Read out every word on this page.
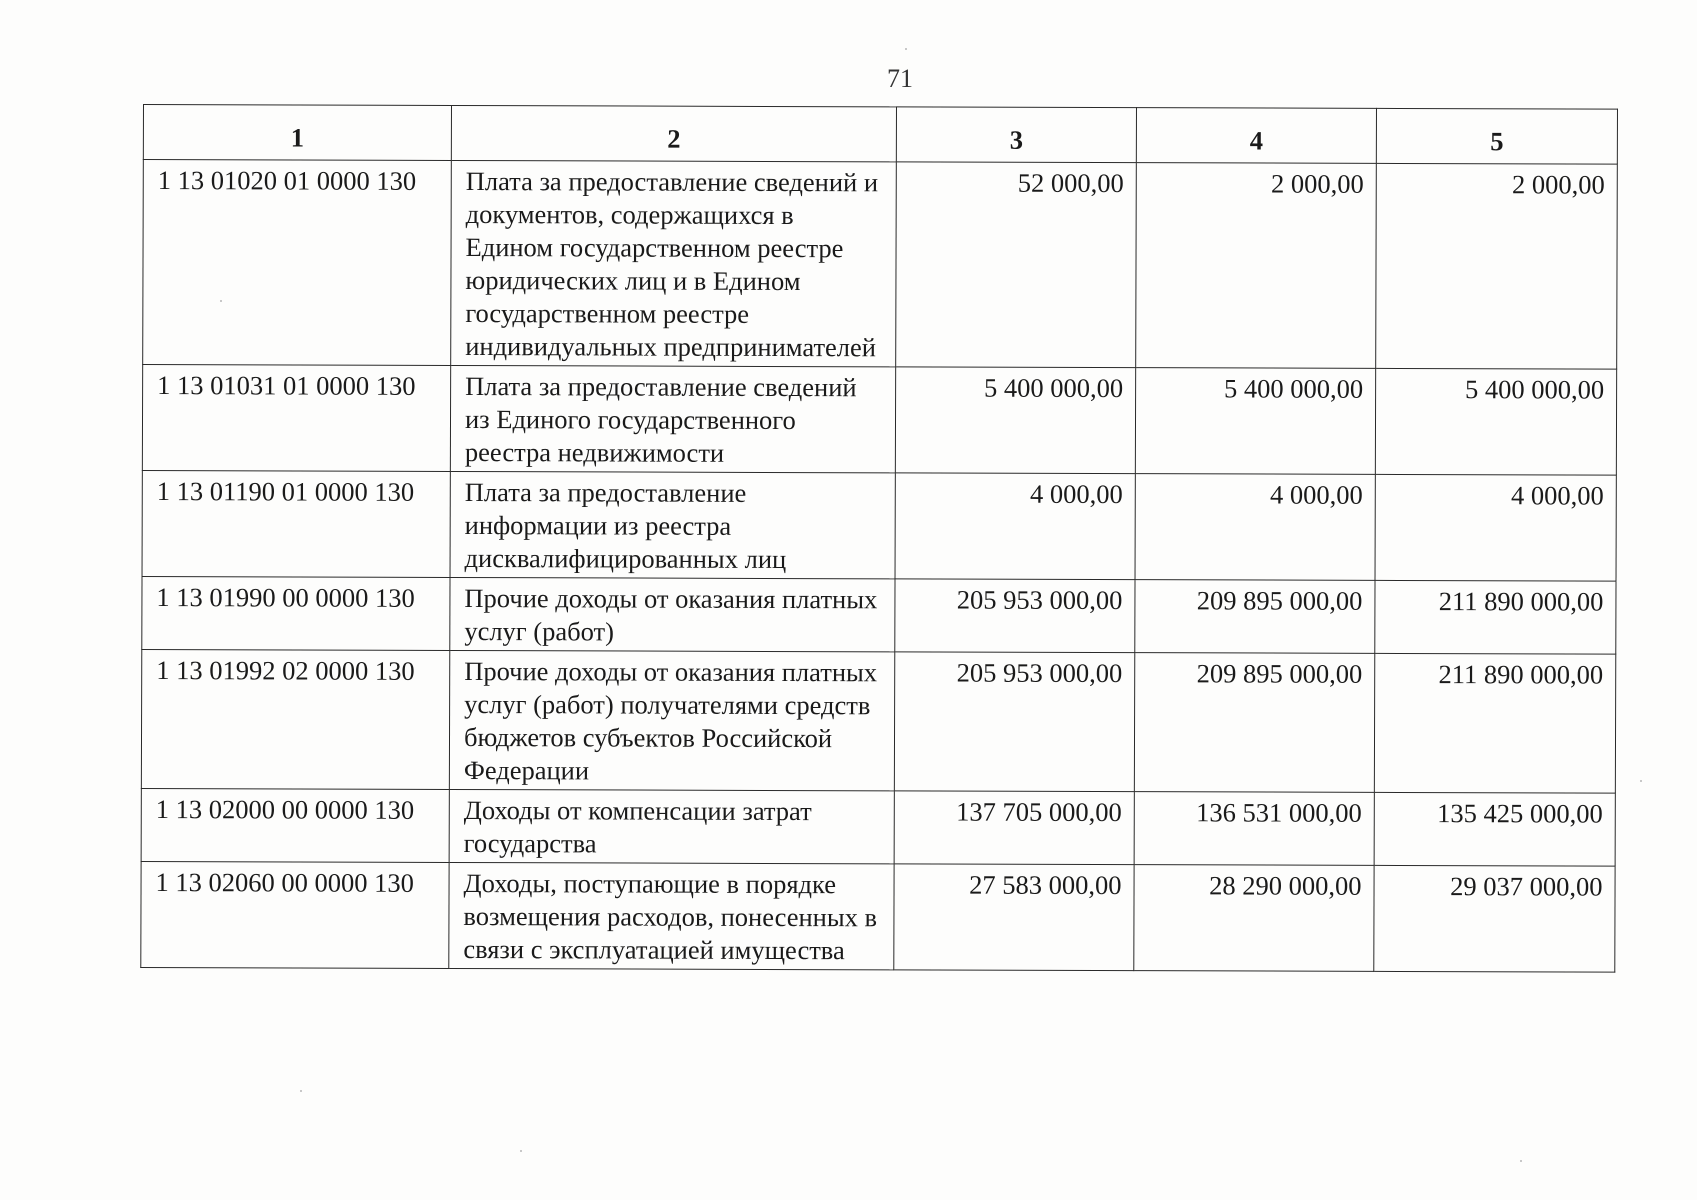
71
1	2	3	4	5
1 13 01020 01 0000 130	Плата за предоставление сведений и документов, содержащихся в Едином государственном реестре юридических лиц и в Едином государственном реестре индивидуальных предпринимателей	52 000,00	2 000,00	2 000,00
1 13 01031 01 0000 130	Плата за предоставление сведений из Единого государственного реестра недвижимости	5 400 000,00	5 400 000,00	5 400 000,00
1 13 01190 01 0000 130	Плата за предоставление информации из реестра дисквалифицированных лиц	4 000,00	4 000,00	4 000,00
1 13 01990 00 0000 130	Прочие доходы от оказания платных услуг (работ)	205 953 000,00	209 895 000,00	211 890 000,00
1 13 01992 02 0000 130	Прочие доходы от оказания платных услуг (работ) получателями средств бюджетов субъектов Российской Федерации	205 953 000,00	209 895 000,00	211 890 000,00
1 13 02000 00 0000 130	Доходы от компенсации затрат государства	137 705 000,00	136 531 000,00	135 425 000,00
1 13 02060 00 0000 130	Доходы, поступающие в порядке возмещения расходов, понесенных в связи с эксплуатацией имущества	27 583 000,00	28 290 000,00	29 037 000,00
